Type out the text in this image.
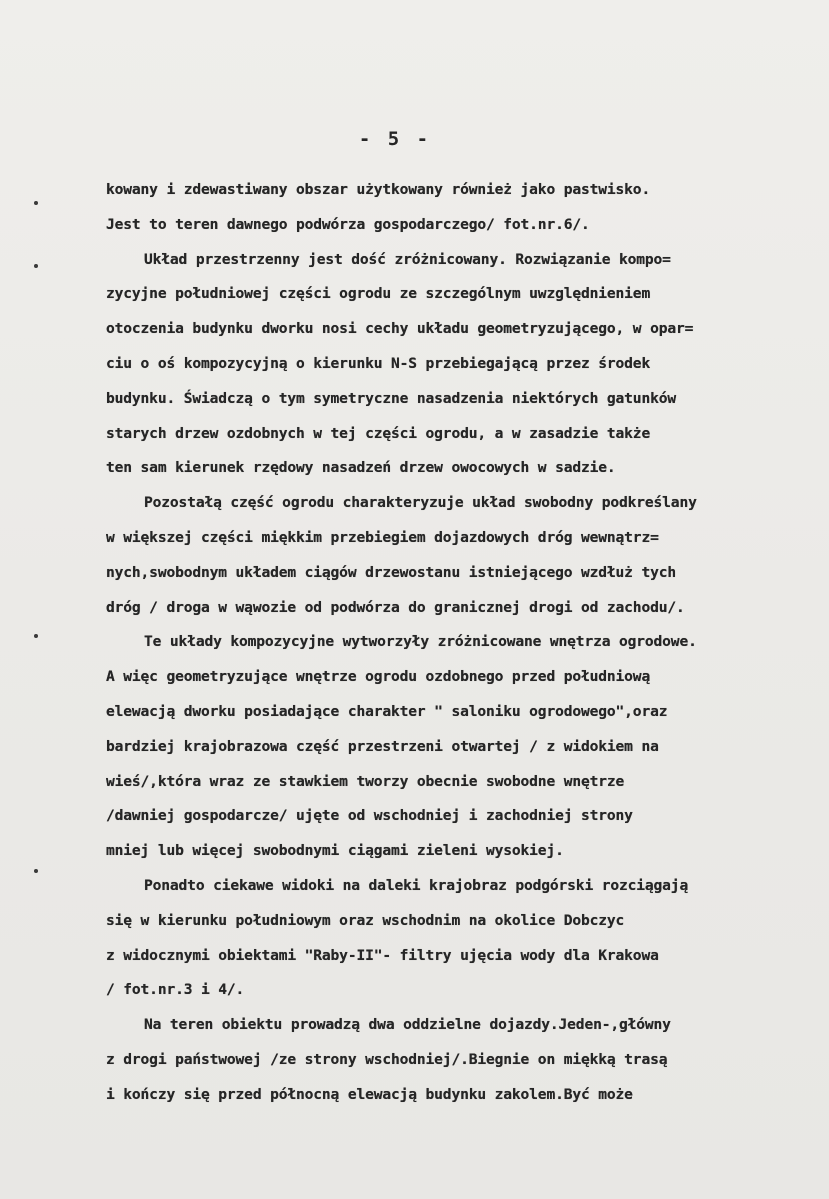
- 5 -
kowany i zdewastiwany obszar użytkowany również jako pastwisko.
Jest to teren dawnego podwórza gospodarczego/ fot.nr.6/.
Układ przestrzenny jest dość zróżnicowany. Rozwiązanie kompo=
zycyjne południowej części ogrodu ze szczególnym uwzględnieniem
otoczenia budynku dworku nosi cechy układu geometryzującego, w opar=
ciu o oś kompozycyjną o kierunku N-S przebiegającą przez środek
budynku. Świadczą o tym symetryczne nasadzenia niektórych gatunków
starych drzew ozdobnych w tej części ogrodu, a w zasadzie także
ten sam kierunek rzędowy nasadzeń drzew owocowych w sadzie.
Pozostałą część ogrodu charakteryzuje układ swobodny podkreślany
w większej części miękkim przebiegiem dojazdowych dróg wewnątrz=
nych,swobodnym układem ciągów drzewostanu istniejącego wzdłuż tych
dróg / droga w wąwozie od podwórza do granicznej drogi od zachodu/.
Te układy kompozycyjne wytworzyły zróżnicowane wnętrza ogrodowe.
A więc geometryzujące wnętrze ogrodu ozdobnego przed południową
elewacją dworku posiadające charakter " saloniku ogrodowego",oraz
bardziej krajobrazowa część przestrzeni otwartej / z widokiem na
wieś/,która wraz ze stawkiem tworzy obecnie swobodne wnętrze
/dawniej gospodarcze/ ujęte od wschodniej i zachodniej strony
mniej lub więcej swobodnymi ciągami zieleni wysokiej.
Ponadto ciekawe widoki na daleki krajobraz podgórski rozciągają
się w kierunku południowym oraz wschodnim na okolice Dobczyc
z widocznymi obiektami "Raby-II"- filtry ujęcia wody dla Krakowa
/ fot.nr.3 i 4/.
Na teren obiektu prowadzą dwa oddzielne dojazdy.Jeden-,główny
z drogi państwowej /ze strony wschodniej/.Biegnie on miękką trasą
i kończy się przed północną elewacją budynku zakolem.Być może
